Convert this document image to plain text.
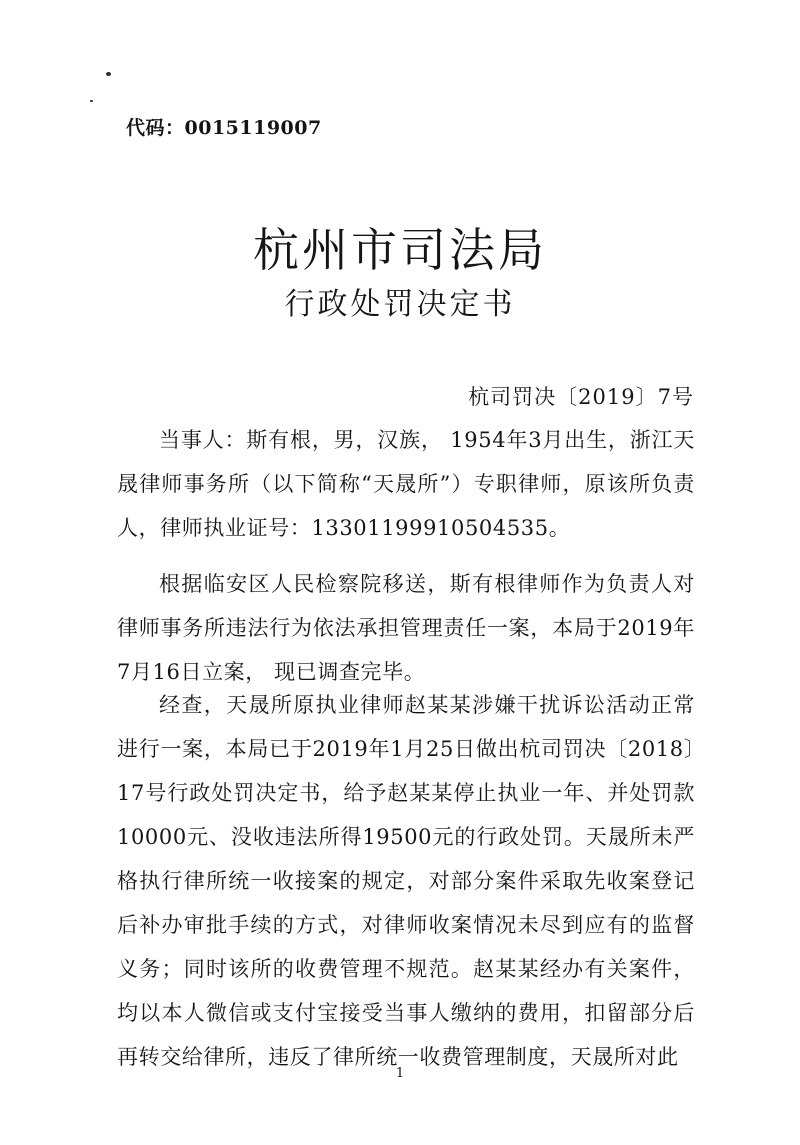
代码：0015119007
杭州市司法局
行政处罚决定书
杭司罚决〔2019〕7号
当事人：斯有根，男，汉族， 1954年3月出生，浙江天晟律师事务所（以下简称“天晟所”）专职律师，原该所负责人，律师执业证号：13301199910504535。
根据临安区人民检察院移送，斯有根律师作为负责人对律师事务所违法行为依法承担管理责任一案，本局于2019年7月16日立案， 现已调查完毕。
经查，天晟所原执业律师赵某某涉嫌干扰诉讼活动正常进行一案，本局已于2019年1月25日做出杭司罚决〔2018〕17号行政处罚决定书，给予赵某某停止执业一年、并处罚款10000元、没收违法所得19500元的行政处罚。天晟所未严格执行律所统一收接案的规定，对部分案件采取先收案登记后补办审批手续的方式，对律师收案情况未尽到应有的监督义务；同时该所的收费管理不规范。赵某某经办有关案件，均以本人微信或支付宝接受当事人缴纳的费用，扣留部分后再转交给律所，违反了律所统一收费管理制度，天晟所对此
1
